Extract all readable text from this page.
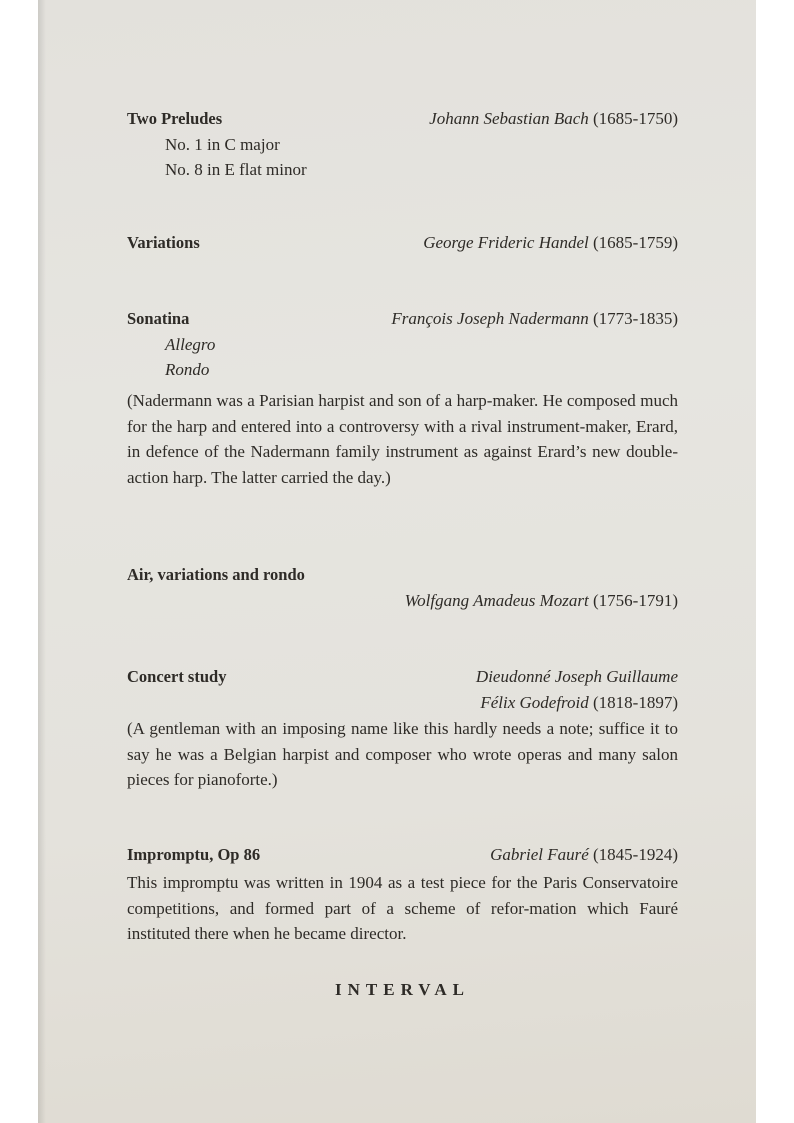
Two Preludes	Johann Sebastian Bach (1685-1750)
No. 1 in C major
No. 8 in E flat minor
Variations	George Frideric Handel (1685-1759)
Sonatina	François Joseph Nadermann (1773-1835)
Allegro
Rondo
(Nadermann was a Parisian harpist and son of a harp-maker. He composed much for the harp and entered into a controversy with a rival instrument-maker, Erard, in defence of the Nadermann family instrument as against Erard’s new double-action harp. The latter carried the day.)
Air, variations and rondo
Wolfgang Amadeus Mozart (1756-1791)
Concert study	Dieudonné Joseph Guillaume
Félix Godefroid (1818-1897)
(A gentleman with an imposing name like this hardly needs a note; suffice it to say he was a Belgian harpist and composer who wrote operas and many salon pieces for pianoforte.)
Impromptu, Op 86	Gabriel Fauré (1845-1924)
This impromptu was written in 1904 as a test piece for the Paris Conservatoire competitions, and formed part of a scheme of refor-mation which Fauré instituted there when he became director.
INTERVAL
